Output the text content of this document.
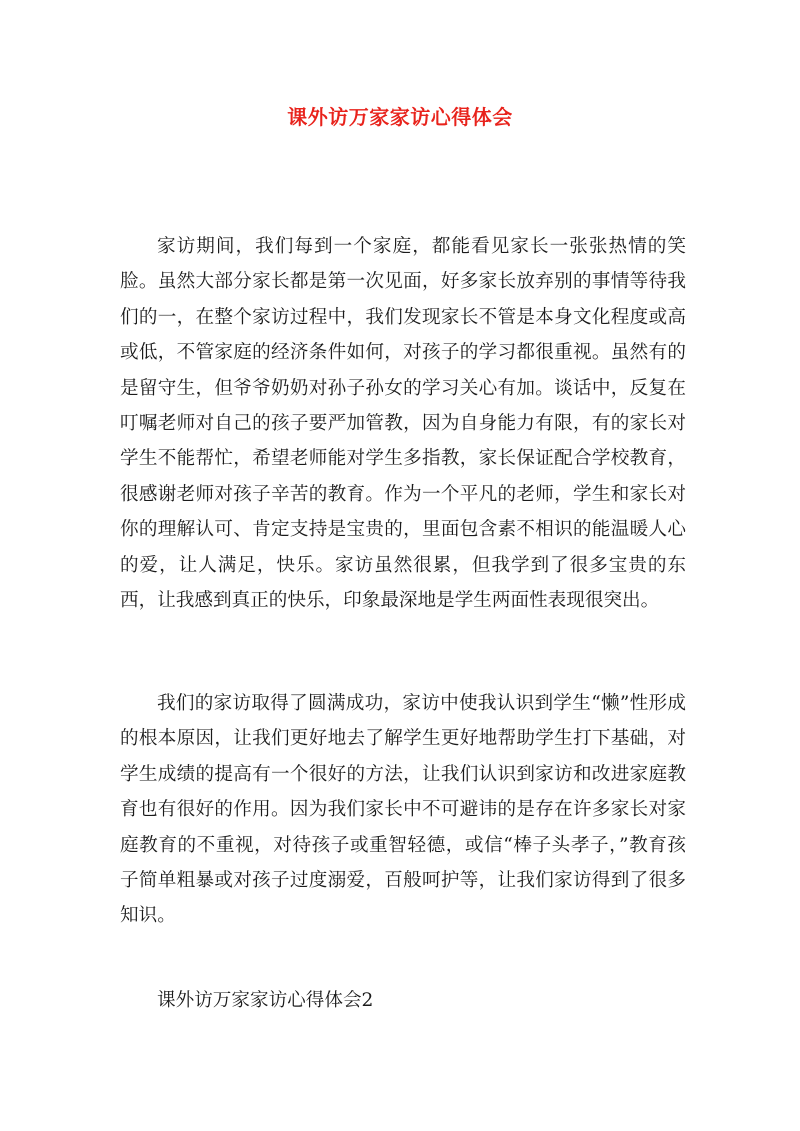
课外访万家家访心得体会

家访期间，我们每到一个家庭，都能看见家长一张张热情的笑脸。虽然大部分家长都是第一次见面，好多家长放弃别的事情等待我们的一，在整个家访过程中，我们发现家长不管是本身文化程度或高或低，不管家庭的经济条件如何，对孩子的学习都很重视。虽然有的是留守生，但爷爷奶奶对孙子孙女的学习关心有加。谈话中，反复在叮嘱老师对自己的孩子要严加管教，因为自身能力有限，有的家长对学生不能帮忙，希望老师能对学生多指教，家长保证配合学校教育，很感谢老师对孩子辛苦的教育。作为一个平凡的老师，学生和家长对你的理解认可、肯定支持是宝贵的，里面包含素不相识的能温暖人心的爱，让人满足，快乐。家访虽然很累，但我学到了很多宝贵的东西，让我感到真正的快乐，印象最深地是学生两面性表现很突出。

我们的家访取得了圆满成功，家访中使我认识到学生“懒”性形成的根本原因，让我们更好地去了解学生更好地帮助学生打下基础，对学生成绩的提高有一个很好的方法，让我们认识到家访和改进家庭教育也有很好的作用。因为我们家长中不可避讳的是存在许多家长对家庭教育的不重视，对待孩子或重智轻德，或信“棒子头孝子，”教育孩子简单粗暴或对孩子过度溺爱，百般呵护等，让我们家访得到了很多知识。

课外访万家家访心得体会2
